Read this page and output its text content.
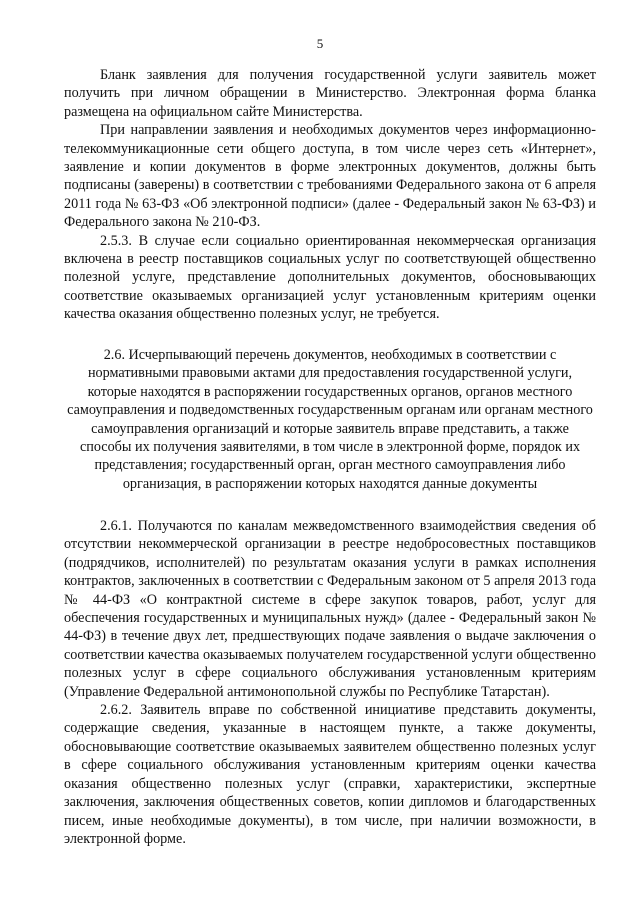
5

Бланк заявления для получения государственной услуги заявитель может получить при личном обращении в Министерство. Электронная форма бланка размещена на официальном сайте Министерства.

При направлении заявления и необходимых документов через информационно-телекоммуникационные сети общего доступа, в том числе через сеть «Интернет», заявление и копии документов в форме электронных документов, должны быть подписаны (заверены) в соответствии с требованиями Федерального закона от 6 апреля 2011 года № 63-ФЗ «Об электронной подписи» (далее - Федеральный закон № 63-ФЗ) и Федерального закона № 210-ФЗ.

2.5.3. В случае если социально ориентированная некоммерческая организация включена в реестр поставщиков социальных услуг по соответствующей общественно полезной услуге, представление дополнительных документов, обосновывающих соответствие оказываемых организацией услуг установленным критериям оценки качества оказания общественно полезных услуг, не требуется.

2.6. Исчерпывающий перечень документов, необходимых в соответствии с нормативными правовыми актами для предоставления государственной услуги, которые находятся в распоряжении государственных органов, органов местного самоуправления и подведомственных государственным органам или органам местного самоуправления организаций и которые заявитель вправе представить, а также способы их получения заявителями, в том числе в электронной форме, порядок их представления; государственный орган, орган местного самоуправления либо организация, в распоряжении которых находятся данные документы

2.6.1. Получаются по каналам межведомственного взаимодействия сведения об отсутствии некоммерческой организации в реестре недобросовестных поставщиков (подрядчиков, исполнителей) по результатам оказания услуги в рамках исполнения контрактов, заключенных в соответствии с Федеральным законом от 5 апреля 2013 года № 44-ФЗ «О контрактной системе в сфере закупок товаров, работ, услуг для обеспечения государственных и муниципальных нужд» (далее - Федеральный закон № 44-ФЗ) в течение двух лет, предшествующих подаче заявления о выдаче заключения о соответствии качества оказываемых получателем государственной услуги общественно полезных услуг в сфере социального обслуживания установленным критериям (Управление Федеральной антимонопольной службы по Республике Татарстан).

2.6.2. Заявитель вправе по собственной инициативе представить документы, содержащие сведения, указанные в настоящем пункте, а также документы, обосновывающие соответствие оказываемых заявителем общественно полезных услуг в сфере социального обслуживания установленным критериям оценки качества оказания общественно полезных услуг (справки, характеристики, экспертные заключения, заключения общественных советов, копии дипломов и благодарственных писем, иные необходимые документы), в том числе, при наличии возможности, в электронной форме.
